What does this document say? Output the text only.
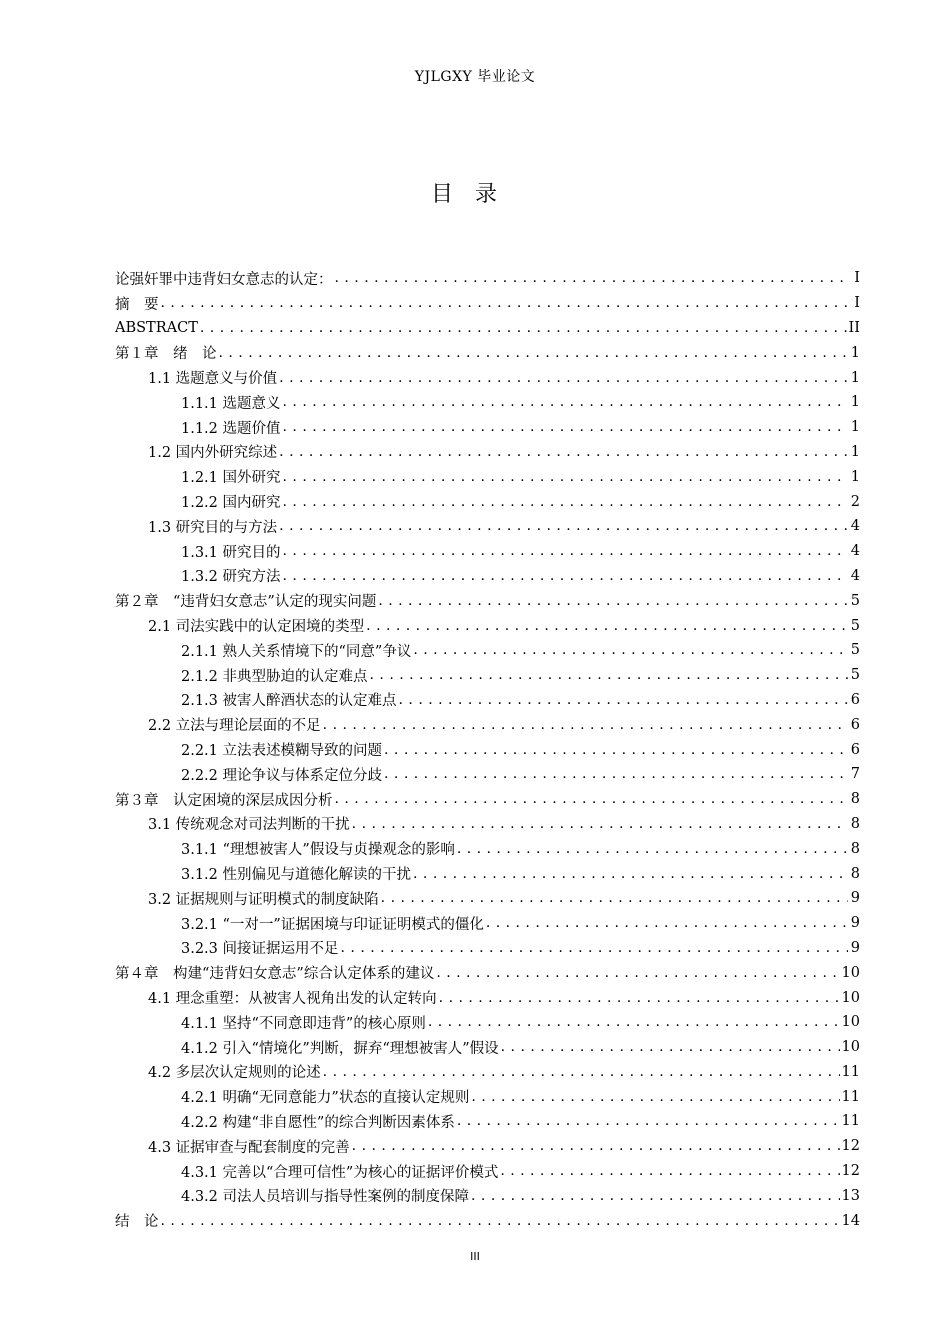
YJLGXY 毕业论文
目录
论强奸罪中违背妇女意志的认定： . . .	I
摘　要 . . .	I
ABSTRACT . . .	II
第１章　绪　论 . . .	1
1.1 选题意义与价值 . . .	1
1.1.1 选题意义 . . .	1
1.1.2 选题价值 . . .	1
1.2 国内外研究综述 . . .	1
1.2.1 国外研究 . . .	1
1.2.2 国内研究 . . .	2
1.3 研究目的与方法 . . .	4
1.3.1 研究目的 . . .	4
1.3.2 研究方法 . . .	4
第２章　“违背妇女意志”认定的现实问题 . . .	5
2.1 司法实践中的认定困境的类型 . . .	5
2.1.1 熟人关系情境下的“同意”争议 . . .	5
2.1.2 非典型胁迫的认定难点 . . .	5
2.1.3 被害人醉酒状态的认定难点 . . .	6
2.2 立法与理论层面的不足 . . .	6
2.2.1 立法表述模糊导致的问题 . . .	6
2.2.2 理论争议与体系定位分歧 . . .	7
第３章　认定困境的深层成因分析 . . .	8
3.1 传统观念对司法判断的干扰 . . .	8
3.1.1 “理想被害人”假设与贞操观念的影响 . . .	8
3.1.2 性别偏见与道德化解读的干扰 . . .	8
3.2 证据规则与证明模式的制度缺陷 . . .	9
3.2.1 “一对一”证据困境与印证证明模式的僵化 . . .	9
3.2.3 间接证据运用不足 . . .	9
第４章　构建“违背妇女意志”综合认定体系的建议 . . .	10
4.1 理念重塑：从被害人视角出发的认定转向 . . .	10
4.1.1 坚持“不同意即违背”的核心原则 . . .	10
4.1.2 引入“情境化”判断，摒弃“理想被害人”假设 . . .	10
4.2 多层次认定规则的论述 . . .	11
4.2.1 明确“无同意能力”状态的直接认定规则 . . .	11
4.2.2 构建“非自愿性”的综合判断因素体系 . . .	11
4.3 证据审查与配套制度的完善 . . .	12
4.3.1 完善以“合理可信性”为核心的证据评价模式 . . .	12
4.3.2 司法人员培训与指导性案例的制度保障 . . .	13
结　论 . . .	14
III
